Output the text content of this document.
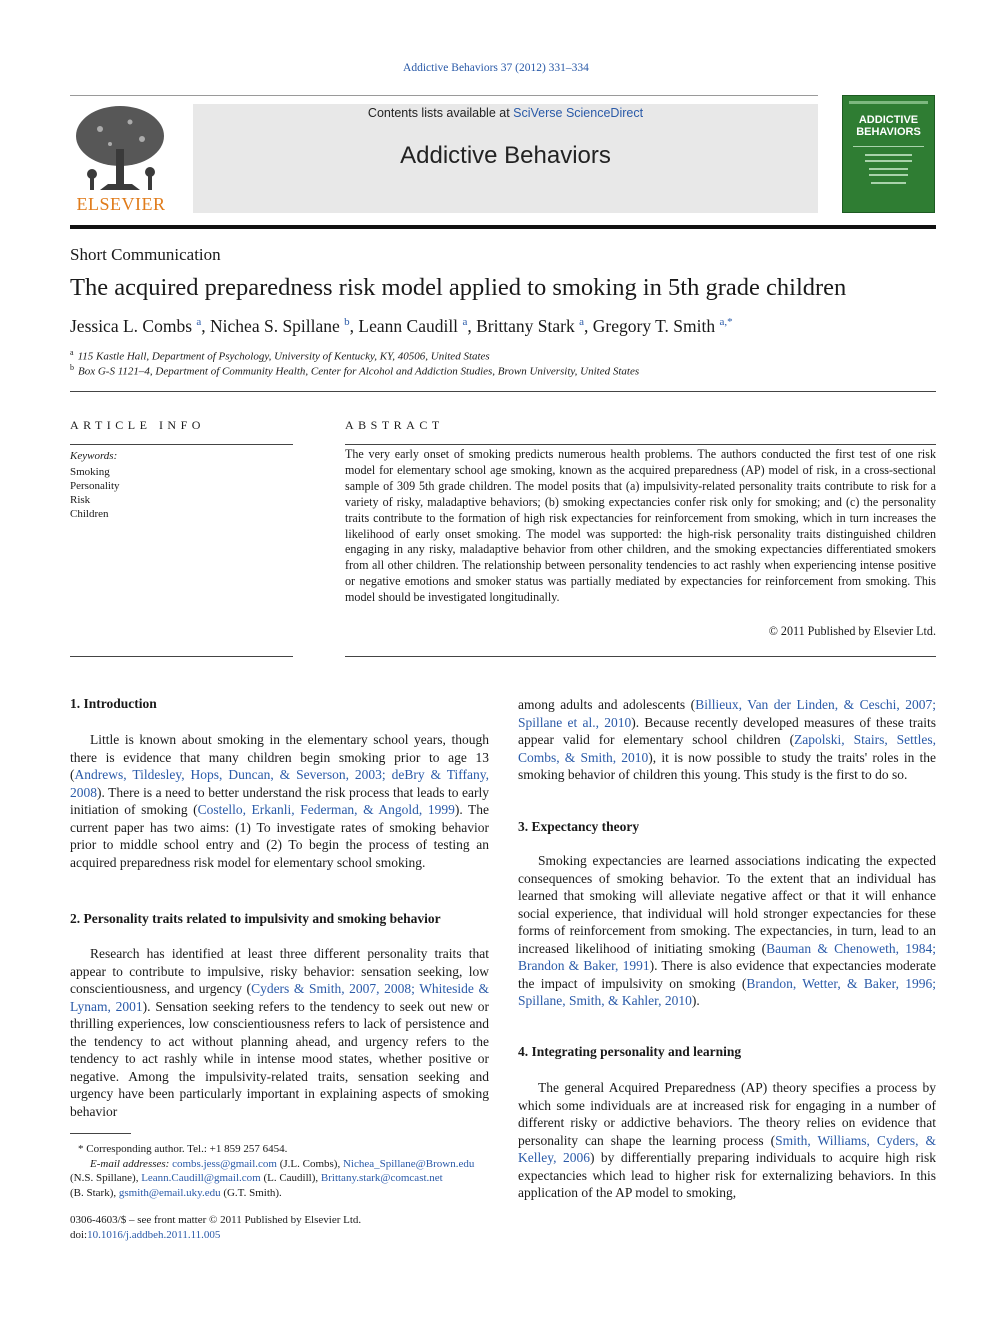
Addictive Behaviors 37 (2012) 331–334
ELSEVIER
Contents lists available at SciVerse ScienceDirect
Addictive Behaviors
ADDICTIVE
BEHAVIORS
Short Communication
The acquired preparedness risk model applied to smoking in 5th grade children
Jessica L. Combs $^a$, Nichea S. Spillane $^b$, Leann Caudill $^a$, Brittany Stark $^a$, Gregory T. Smith $^{a,*}$
$^a$ 115 Kastle Hall, Department of Psychology, University of Kentucky, KY, 40506, United States
$^b$ Box G-S 1121–4, Department of Community Health, Center for Alcohol and Addiction Studies, Brown University, United States
ARTICLE INFO
Keywords:
Smoking
Personality
Risk
Children
ABSTRACT
The very early onset of smoking predicts numerous health problems. The authors conducted the first test of one risk model for elementary school age smoking, known as the acquired preparedness (AP) model of risk, in a cross-sectional sample of 309 5th grade children. The model posits that (a) impulsivity-related personality traits contribute to risk for a variety of risky, maladaptive behaviors; (b) smoking expectancies confer risk only for smoking; and (c) the personality traits contribute to the formation of high risk expectancies for reinforcement from smoking, which in turn increases the likelihood of early onset smoking. The model was supported: the high-risk personality traits distinguished children engaging in any risky, maladaptive behavior from other children, and the smoking expectancies differentiated smokers from all other children. The relationship between personality tendencies to act rashly when experiencing intense positive or negative emotions and smoker status was partially mediated by expectancies for reinforcement from smoking. This model should be investigated longitudinally.
© 2011 Published by Elsevier Ltd.
1. Introduction

Little is known about smoking in the elementary school years, though there is evidence that many children begin smoking prior to age 13 (Andrews, Tildesley, Hops, Duncan, & Severson, 2003; deBry & Tiffany, 2008). There is a need to better understand the risk process that leads to early initiation of smoking (Costello, Erkanli, Federman, & Angold, 1999). The current paper has two aims: (1) To investigate rates of smoking behavior prior to middle school entry and (2) To begin the process of testing an acquired preparedness risk model for elementary school smoking.

2. Personality traits related to impulsivity and smoking behavior

Research has identified at least three different personality traits that appear to contribute to impulsive, risky behavior: sensation seeking, low conscientiousness, and urgency (Cyders & Smith, 2007, 2008; Whiteside & Lynam, 2001). Sensation seeking refers to the tendency to seek out new or thrilling experiences, low conscientiousness refers to lack of persistence and the tendency to act without planning ahead, and urgency refers to the tendency to act rashly while in intense mood states, whether positive or negative. Among the impulsivity-related traits, sensation seeking and urgency have been particularly important in explaining aspects of smoking behavior

* Corresponding author. Tel.: +1 859 257 6454.
E-mail addresses: combs.jess@gmail.com (J.L. Combs), Nichea_Spillane@Brown.edu
(N.S. Spillane), Leann.Caudill@gmail.com (L. Caudill), Brittany.stark@comcast.net
(B. Stark), gsmith@email.uky.edu (G.T. Smith).
0306-4603/$ – see front matter © 2011 Published by Elsevier Ltd.
doi:10.1016/j.addbeh.2011.11.005

among adults and adolescents (Billieux, Van der Linden, & Ceschi, 2007; Spillane et al., 2010). Because recently developed measures of these traits appear valid for elementary school children (Zapolski, Stairs, Settles, Combs, & Smith, 2010), it is now possible to study the traits' roles in the smoking behavior of children this young. This study is the first to do so.

3. Expectancy theory

Smoking expectancies are learned associations indicating the expected consequences of smoking behavior. To the extent that an individual has learned that smoking will alleviate negative affect or that it will enhance social experience, that individual will hold stronger expectancies for these forms of reinforcement from smoking. The expectancies, in turn, lead to an increased likelihood of initiating smoking (Bauman & Chenoweth, 1984; Brandon & Baker, 1991). There is also evidence that expectancies moderate the impact of impulsivity on smoking (Brandon, Wetter, & Baker, 1996; Spillane, Smith, & Kahler, 2010).

4. Integrating personality and learning

The general Acquired Preparedness (AP) theory specifies a process by which some individuals are at increased risk for engaging in a number of different risky or addictive behaviors. The theory relies on evidence that personality can shape the learning process (Smith, Williams, Cyders, & Kelley, 2006) by differentially preparing individuals to acquire high risk expectancies which lead to higher risk for externalizing behaviors. In this application of the AP model to smoking,
